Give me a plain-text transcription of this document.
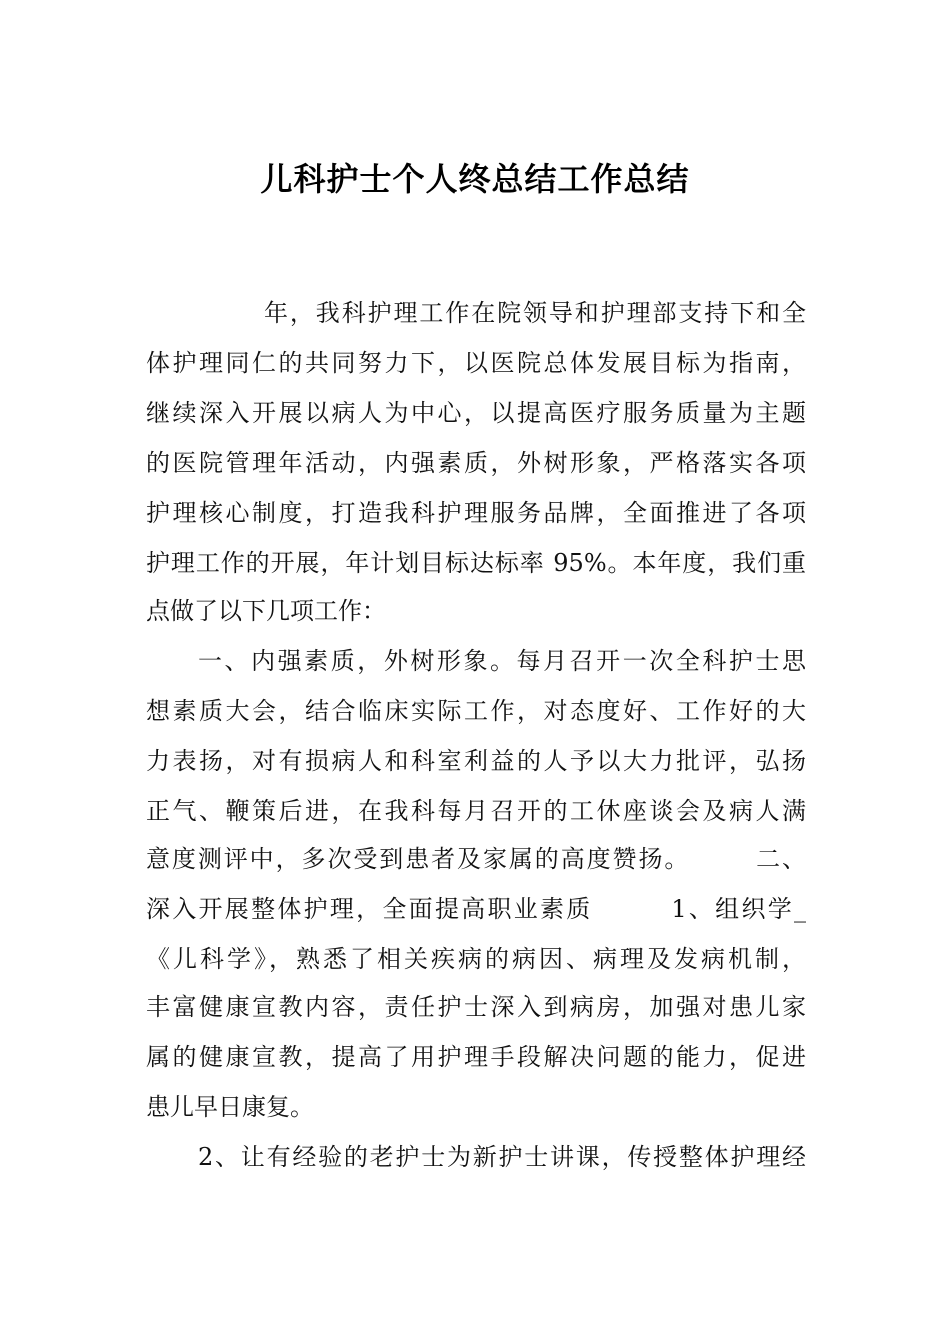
儿科护士个人终总结工作总结
年，我科护理工作在院领导和护理部支持下和全
体护理同仁的共同努力下，以医院总体发展目标为指南，
继续深入开展以病人为中心，以提高医疗服务质量为主题
的医院管理年活动，内强素质，外树形象，严格落实各项
护理核心制度，打造我科护理服务品牌，全面推进了各项
护理工作的开展，年计划目标达标率 95%。本年度，我们重
点做了以下几项工作：
一、内强素质，外树形象。每月召开一次全科护士思
想素质大会，结合临床实际工作，对态度好、工作好的大
力表扬，对有损病人和科室利益的人予以大力批评，弘扬
正气、鞭策后进，在我科每月召开的工休座谈会及病人满
意度测评中，多次受到患者及家属的高度赞扬。　　　二、
深入开展整体护理，全面提高职业素质　　　1、组织学_
《儿科学》，熟悉了相关疾病的病因、病理及发病机制，
丰富健康宣教内容，责任护士深入到病房，加强对患儿家
属的健康宣教，提高了用护理手段解决问题的能力，促进
患儿早日康复。
2、让有经验的老护士为新护士讲课，传授整体护理经
